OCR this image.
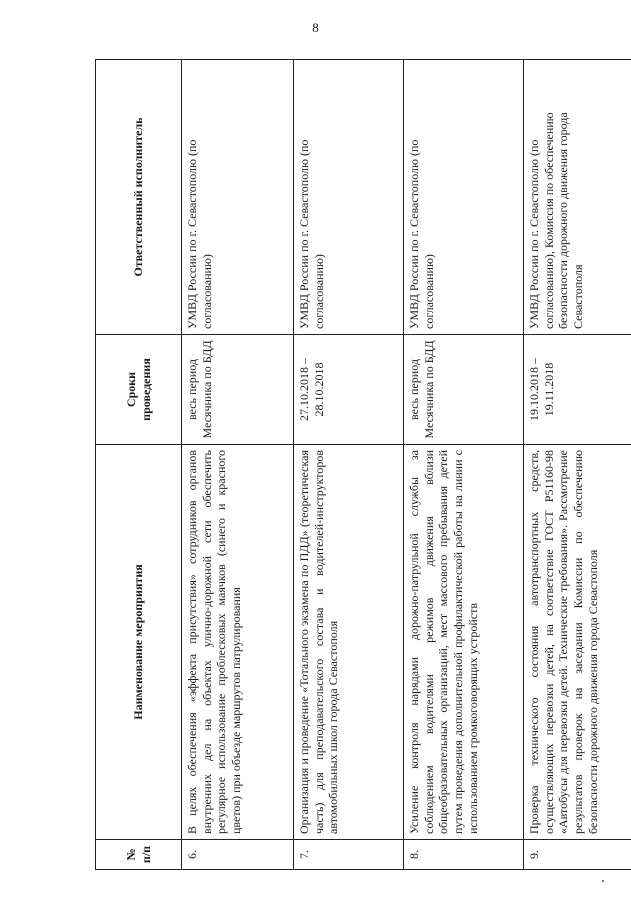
8
№ п/п	Наименование мероприятия	Сроки проведения	Ответственный исполнитель
6.	В целях обеспечения «эффекта присутствия» сотрудников органов внутренних дел на объектах улично-дорожной сети обеспечить регулярное использование проблесковых маячков (синего и красного цветов) при объезде маршрутов патрулирования	весь период Месячника по БДД	УМВД России по г. Севастополю (по согласованию)
7.	Организация и проведение «Тотального экзамена по ПДД» (теоретическая часть) для преподавательского состава и водителей-инструкторов автомобильных школ города Севастополя	27.10.2018 – 28.10.2018	УМВД России по г. Севастополю (по согласованию)
8.	Усиление контроля нарядами дорожно-патрульной службы за соблюдением водителями режимов движения вблизи общеобразовательных организаций, мест массового пребывания детей путем проведения дополнительной профилактической работы на линии с использованием громкоговорящих устройств	весь период Месячника по БДД	УМВД России по г. Севастополю (по согласованию)
9.	Проверка технического состояния автотранспортных средств, осуществляющих перевозки детей, на соответствие ГОСТ Р51160-98 «Автобусы для перевозки детей. Технические требования». Рассмотрение результатов проверок на заседании Комиссии по обеспечению безопасности дорожного движения города Севастополя	19.10.2018 – 19.11.2018	УМВД России по г. Севастополю (по согласованию), Комиссия по обеспечению безопасности дорожного движения города Севастополя
